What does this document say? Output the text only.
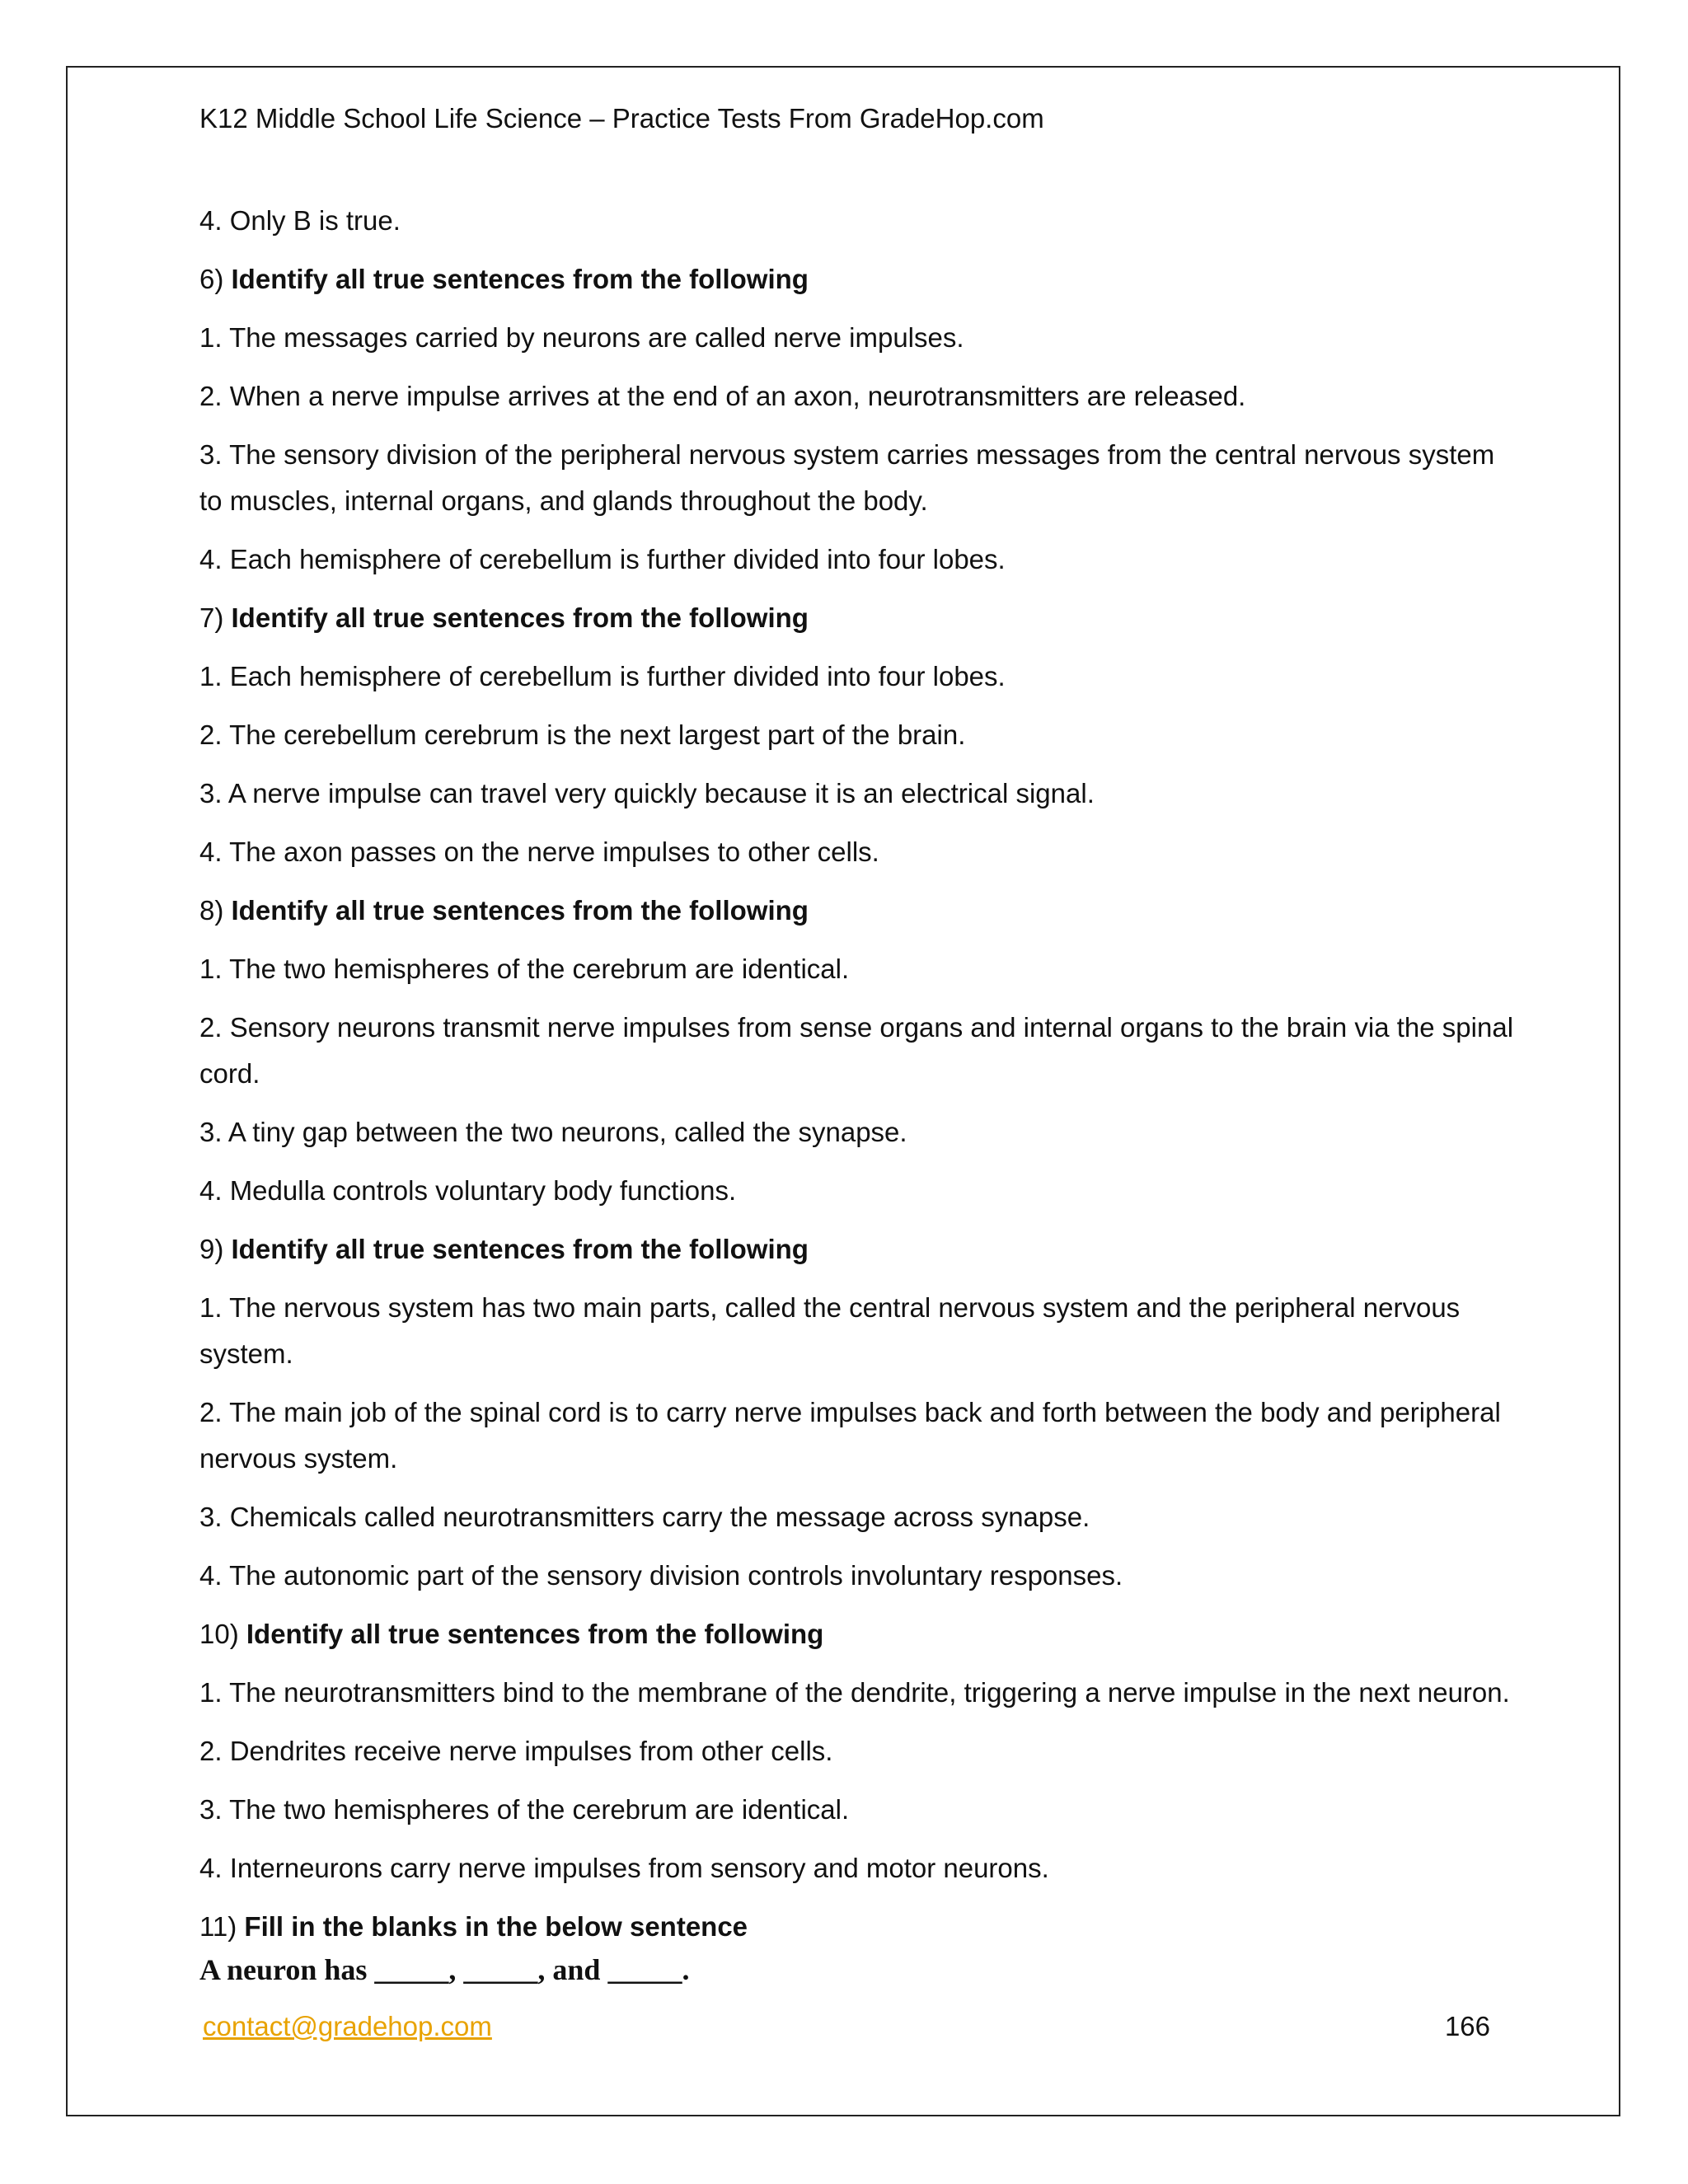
K12 Middle School Life Science – Practice Tests From GradeHop.com

4. Only B is true.

6) Identify all true sentences from the following

1. The messages carried by neurons are called nerve impulses.

2. When a nerve impulse arrives at the end of an axon, neurotransmitters are released.

3. The sensory division of the peripheral nervous system carries messages from the central nervous system to muscles, internal organs, and glands throughout the body.

4. Each hemisphere of cerebellum is further divided into four lobes.

7) Identify all true sentences from the following

1. Each hemisphere of cerebellum is further divided into four lobes.

2. The cerebellum cerebrum is the next largest part of the brain.

3. A nerve impulse can travel very quickly because it is an electrical signal.

4. The axon passes on the nerve impulses to other cells.

8) Identify all true sentences from the following

1. The two hemispheres of the cerebrum are identical.

2. Sensory neurons transmit nerve impulses from sense organs and internal organs to the brain via the spinal cord.

3. A tiny gap between the two neurons, called the synapse.

4. Medulla controls voluntary body functions.

9) Identify all true sentences from the following

1. The nervous system has two main parts, called the central nervous system and the peripheral nervous system.

2. The main job of the spinal cord is to carry nerve impulses back and forth between the body and peripheral nervous system.

3. Chemicals called neurotransmitters carry the message across synapse.

4. The autonomic part of the sensory division controls involuntary responses.

10) Identify all true sentences from the following

1. The neurotransmitters bind to the membrane of the dendrite, triggering a nerve impulse in the next neuron.

2. Dendrites receive nerve impulses from other cells.

3. The two hemispheres of the cerebrum are identical.

4. Interneurons carry nerve impulses from sensory and motor neurons.

11) Fill in the blanks in the below sentence

A neuron has _____, _____, and _____.

contact@gradehop.com	166
